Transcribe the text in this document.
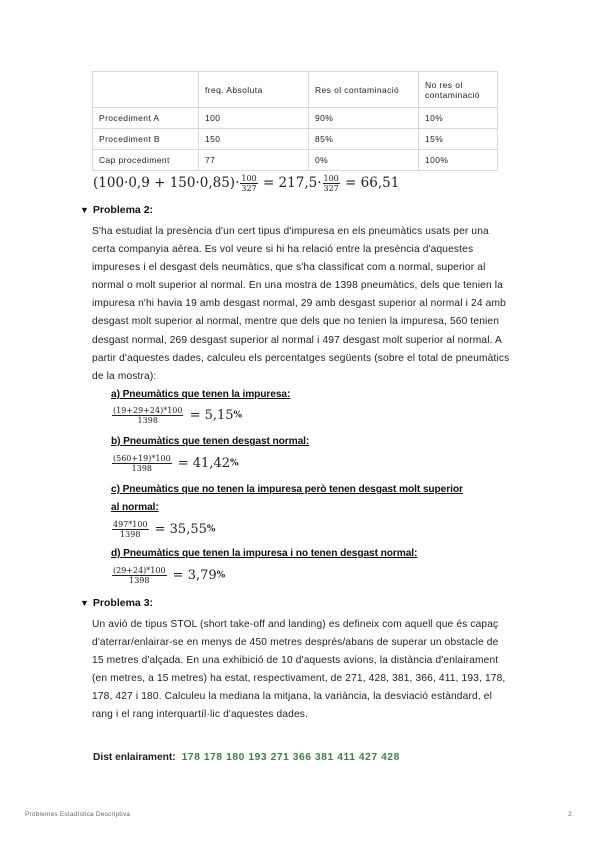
	freq. Absoluta	Res ol contaminació	No res ol contaminació
Procediment A	100	90%	10%
Procediment B	150	85%	15%
Cap procediment	77	0%	100%
$(100\cdot 0,9 + 150\cdot 0,85)\cdot \frac{100}{327} = 217,5\cdot \frac{100}{327} = 66,51$
▼ Problema 2:

S'ha estudiat la presència d'un cert tipus d'impuresa en els pneumàtics usats per una certa companyia aèrea. Es vol veure si hi ha relació entre la presència d'aquestes impureses i el desgast dels neumàtics, que s'ha classificat com a normal, superior al normal o molt superior al normal. En una mostra de 1398 pneumàtics, dels que tenien la impuresa n'hi havia 19 amb desgast normal, 29 amb desgast superior al normal i 24 amb desgast molt superior al normal, mentre que dels que no tenien la impuresa, 560 tenien desgast normal, 269 desgast superior al normal i 497 desgast molt superior al normal. A partir d'aquestes dades, calculeu els percentatges següents (sobre el total de pneumàtics de la mostra):

a) Pneumàtics que tenen la impuresa:
$\frac{(19+29+24)*100}{1398} = 5,15\%$
b) Pneumàtics que tenen desgast normal:
$\frac{(560+19)*100}{1398} = 41,42\%$
c) Pneumàtics que no tenen la impuresa però tenen desgast molt superior
al normal:
$\frac{497*100}{1398} = 35,55\%$
d) Pneumàtics que tenen la impuresa i no tenen desgast normal:
$\frac{(29+24)*100}{1398} = 3,79\%$
▼ Problema 3:

Un avió de tipus STOL (short take-off and landing) es defineix com aquell que és capaç d'aterrar/enlairar-se en menys de 450 metres després/abans de superar un obstacle de 15 metres d'alçada. En una exhibició de 10 d'aquests avions, la distància d'enlairament (en metres, a 15 metres) ha estat, respectivament, de 271, 428, 381, 366, 411, 193, 178, 178, 427 i 180. Calculeu la mediana la mitjana, la variància, la desviació estàndard, el rang i el rang interquartíl·lic d'aquestes dades.

Dist enlairament: 178 178 180 193 271 366 381 411 427 428
Problemes Estadística Descriptiva	2
